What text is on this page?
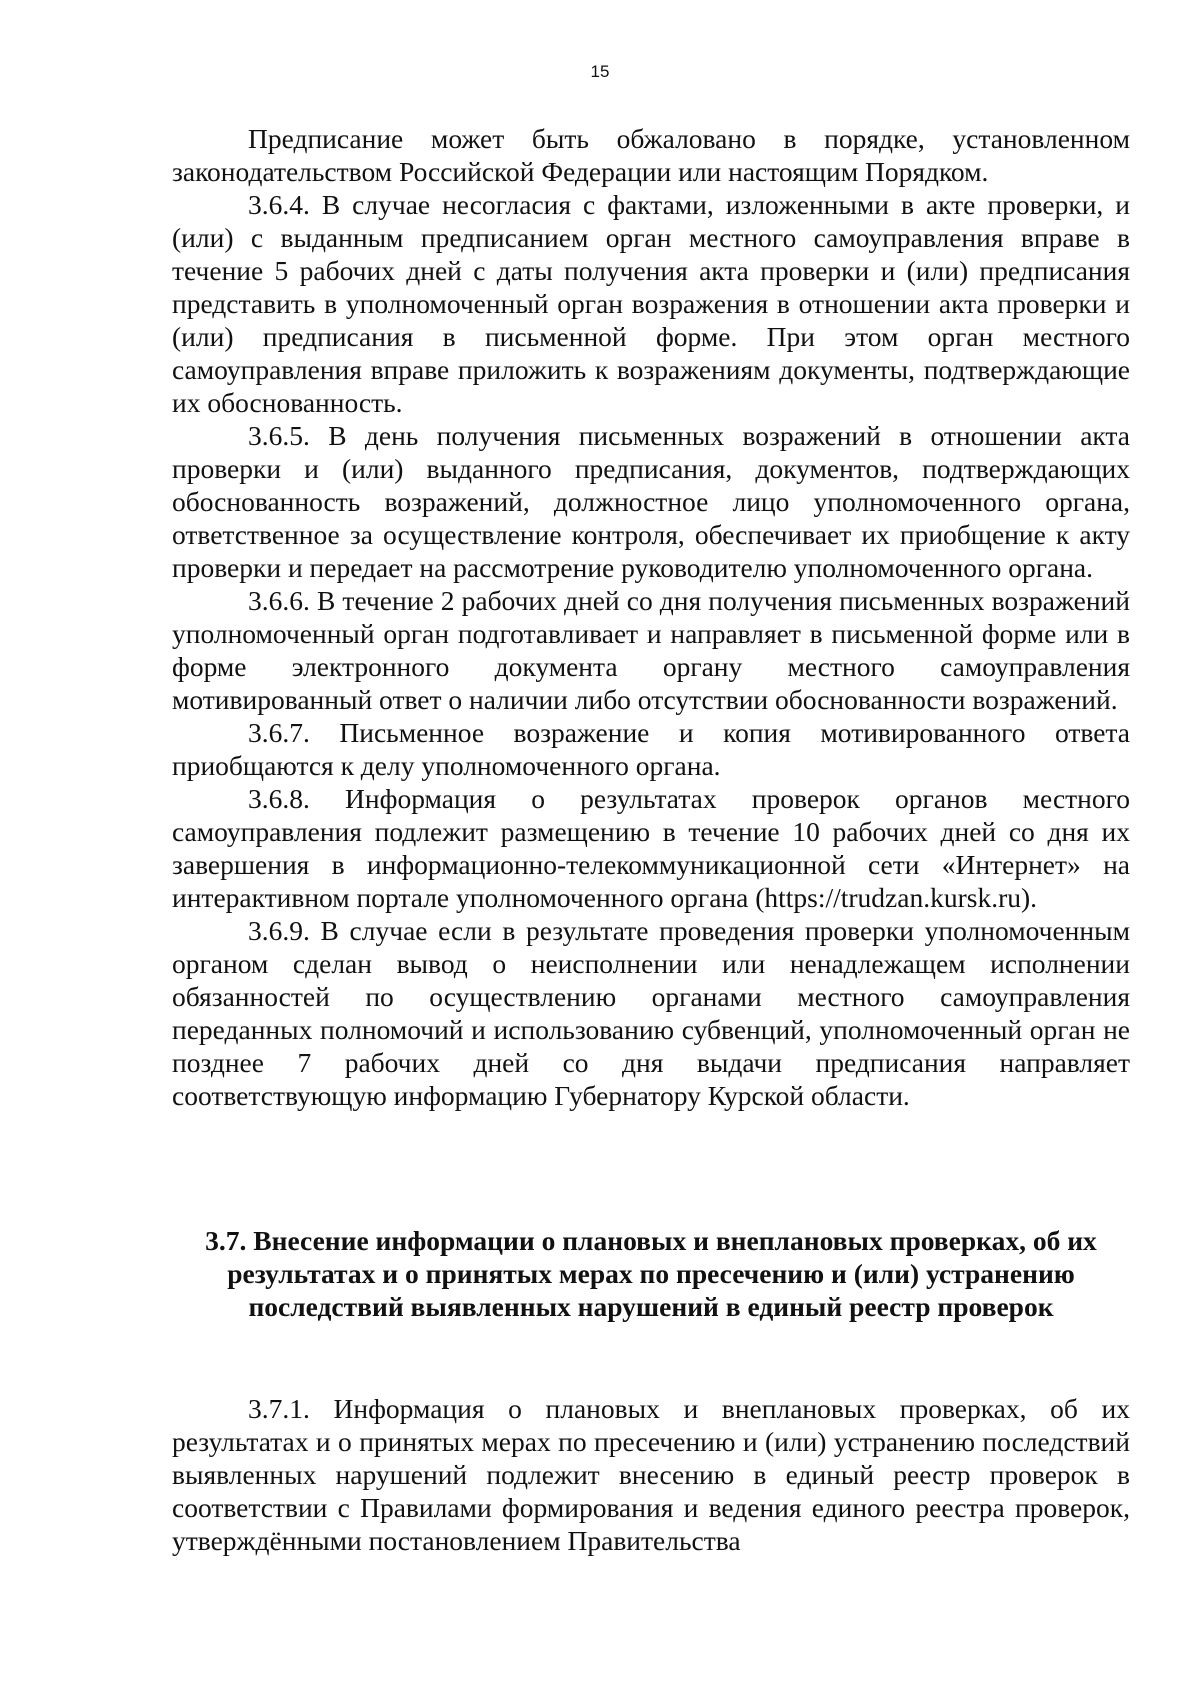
15

Предписание может быть обжаловано в порядке, установленном законодательством Российской Федерации или настоящим Порядком.

3.6.4. В случае несогласия с фактами, изложенными в акте проверки, и (или) с выданным предписанием орган местного самоуправления вправе в течение 5 рабочих дней с даты получения акта проверки и (или) предписания представить в уполномоченный орган возражения в отношении акта проверки и (или) предписания в письменной форме. При этом орган местного самоуправления вправе приложить к возражениям документы, подтверждающие их обоснованность.

3.6.5. В день получения письменных возражений в отношении акта проверки и (или) выданного предписания, документов, подтверждающих обоснованность возражений, должностное лицо уполномоченного органа, ответственное за осуществление контроля, обеспечивает их приобщение к акту проверки и передает на рассмотрение руководителю уполномоченного органа.

3.6.6. В течение 2 рабочих дней со дня получения письменных возражений уполномоченный орган подготавливает и направляет в письменной форме или в форме электронного документа органу местного самоуправления мотивированный ответ о наличии либо отсутствии обоснованности возражений.

3.6.7. Письменное возражение и копия мотивированного ответа приобщаются к делу уполномоченного органа.

3.6.8. Информация о результатах проверок органов местного самоуправления подлежит размещению в течение 10 рабочих дней со дня их завершения в информационно-телекоммуникационной сети «Интернет» на интерактивном портале уполномоченного органа (https://trudzan.kursk.ru).

3.6.9. В случае если в результате проведения проверки уполномоченным органом сделан вывод о неисполнении или ненадлежащем исполнении обязанностей по осуществлению органами местного самоуправления переданных полномочий и использованию субвенций, уполномоченный орган не позднее 7 рабочих дней со дня выдачи предписания направляет соответствующую информацию Губернатору Курской области.

3.7. Внесение информации о плановых и внеплановых проверках, об их результатах и о принятых мерах по пресечению и (или) устранению последствий выявленных нарушений в единый реестр проверок

3.7.1. Информация о плановых и внеплановых проверках, об их результатах и о принятых мерах по пресечению и (или) устранению последствий выявленных нарушений подлежит внесению в единый реестр проверок в соответствии с Правилами формирования и ведения единого реестра проверок, утверждёнными постановлением Правительства
